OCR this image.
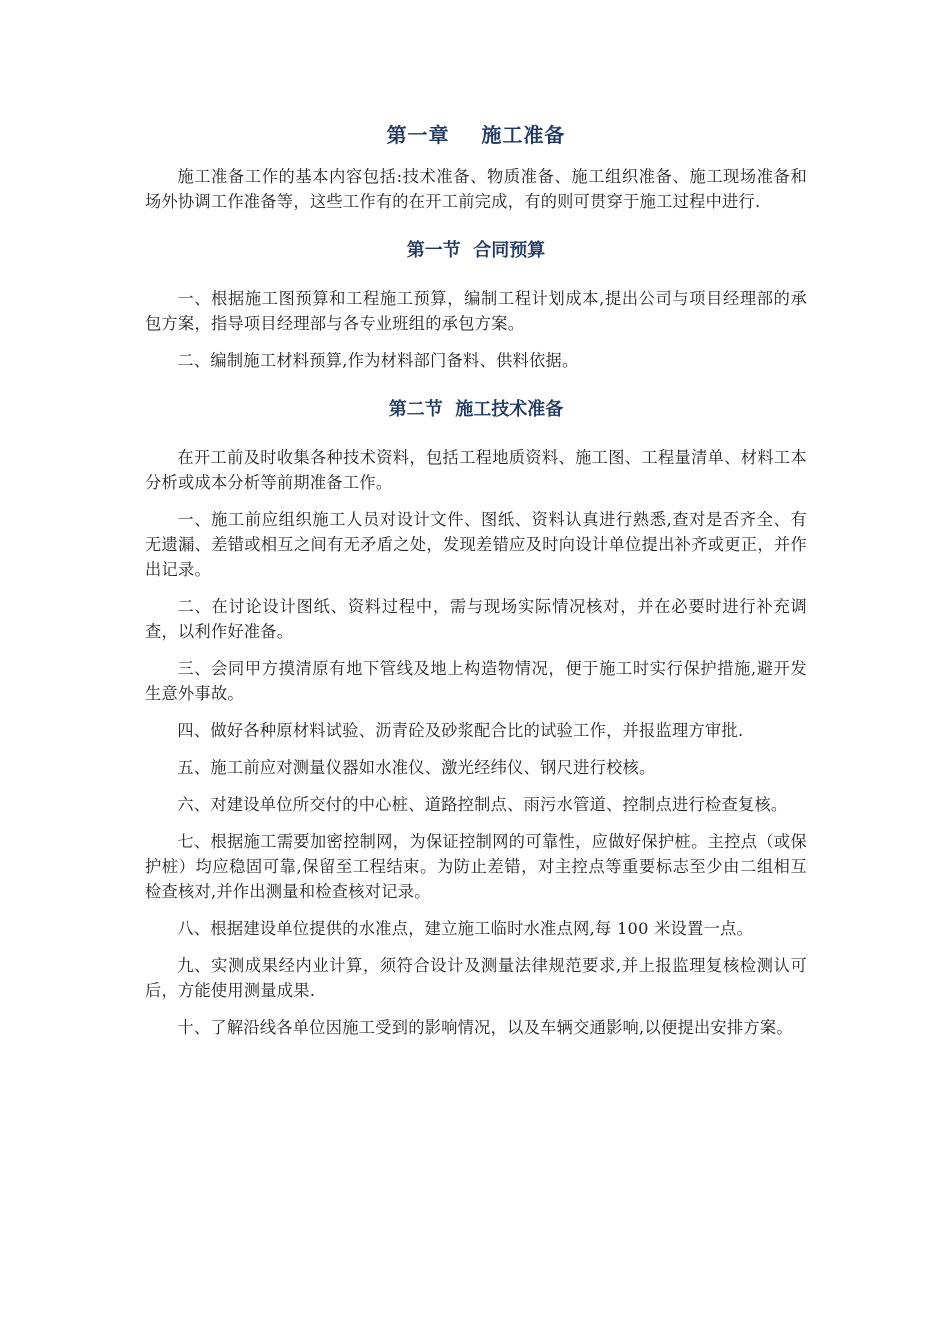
第一章    施工准备

施工准备工作的基本内容包括:技术准备、物质准备、施工组织准备、施工现场准备和场外协调工作准备等，这些工作有的在开工前完成，有的则可贯穿于施工过程中进行.

第一节  合同预算

一、根据施工图预算和工程施工预算，编制工程计划成本,提出公司与项目经理部的承包方案，指导项目经理部与各专业班组的承包方案。

二、编制施工材料预算,作为材料部门备料、供料依据。

第二节  施工技术准备

在开工前及时收集各种技术资料，包括工程地质资料、施工图、工程量清单、材料工本分析或成本分析等前期准备工作。

一、施工前应组织施工人员对设计文件、图纸、资料认真进行熟悉,查对是否齐全、有无遗漏、差错或相互之间有无矛盾之处，发现差错应及时向设计单位提出补齐或更正，并作出记录。

二、在讨论设计图纸、资料过程中，需与现场实际情况核对，并在必要时进行补充调查，以利作好准备。

三、会同甲方摸清原有地下管线及地上构造物情况，便于施工时实行保护措施,避开发生意外事故。

四、做好各种原材料试验、沥青砼及砂浆配合比的试验工作，并报监理方审批.

五、施工前应对测量仪器如水准仪、激光经纬仪、钢尺进行校核。

六、对建设单位所交付的中心桩、道路控制点、雨污水管道、控制点进行检查复核。

七、根据施工需要加密控制网，为保证控制网的可靠性，应做好保护桩。主控点（或保护桩）均应稳固可靠,保留至工程结束。为防止差错，对主控点等重要标志至少由二组相互检查核对,并作出测量和检查核对记录。

八、根据建设单位提供的水准点，建立施工临时水准点网,每 100 米设置一点。

九、实测成果经内业计算，须符合设计及测量法律规范要求,并上报监理复核检测认可后，方能使用测量成果.

十、了解沿线各单位因施工受到的影响情况，以及车辆交通影响,以便提出安排方案。
